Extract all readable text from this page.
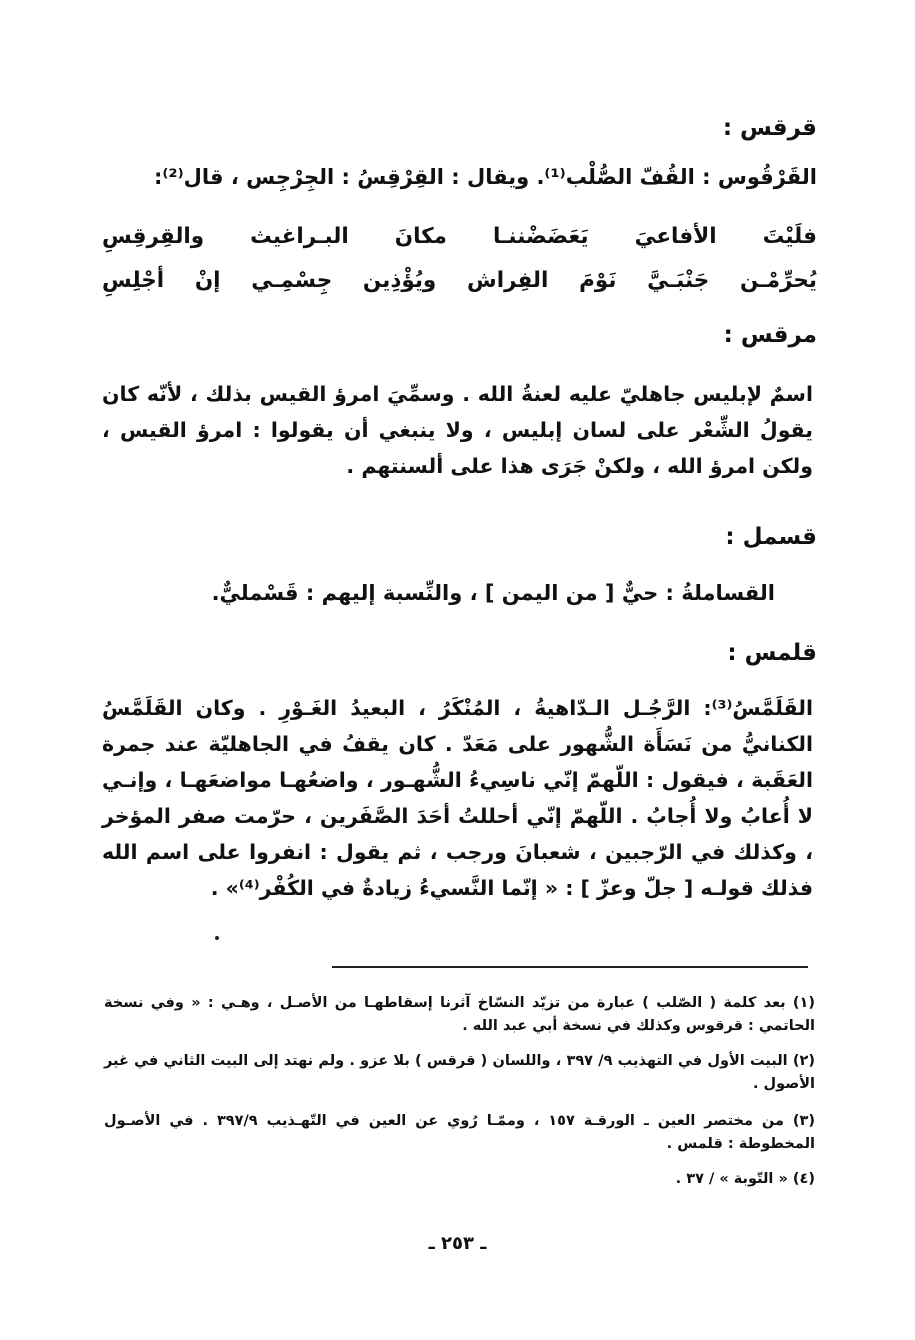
قرقس :
القَرْقُوس : القُفّ الصُّلْب⁽¹⁾. ويقال : القِرْقِسُ : الجِرْجِس ، قال⁽²⁾:
فلَيْتَ
الأفاعيَ
يَعَضَضْننـا
مكانَ
البـراغيث
والقِرقِسِ
يُحرِّمْـن
جَنْبَـيَّ
نَوْمَ
الفِراش
ويُؤْذِين
جِسْمِـي
إنْ
أجْلِسِ
مرقس :
اسمٌ لإبليس جاهليّ عليه لعنةُ الله . وسمِّيَ امرؤ القيس بذلك ، لأنّه كان يقولُ الشِّعْر على لسان إبليس ، ولا ينبغي أن يقولوا : امرؤ القيس ، ولكن امرؤ الله ، ولكنْ جَرَى هذا على ألسنتهم .
قسمل :
القساملةُ : حيٌّ [ من اليمن ] ، والنِّسبة إليهم : قَسْمليٌّ.
قلمس :
القَلَمَّسُ⁽³⁾: الرَّجُـل الـدّاهيةُ ، المُنْكَرُ ، البعيدُ الغَـوْرِ . وكان القَلَمَّسُ الكنانيُّ من نَسَأَة الشُّهور على مَعَدّ . كان يقفُ في الجاهليّة عند جمرة العَقَبة ، فيقول : اللّهمّ إنّي ناسِيءُ الشُّهـور ، واضعُهـا مواضعَهـا ، وإنـي لا أُعابُ ولا أُجابُ . اللّهمّ إنّي أحللتُ أحَدَ الصَّفَرين ، حرّمت صفر المؤخر ، وكذلك في الرّجبين ، شعبانَ ورجب ، ثم يقول : انفروا على اسم الله فذلك قولـه [ جلّ وعزّ ] : « إنّما النَّسيءُ زيادةٌ في الكُفْر⁽⁴⁾» .
(١) بعد كلمة ( الصّلب ) عبارة من تزيّد النسّاخ آثرنا إسقاطهـا من الأصـل ، وهـي : « وفي نسخة الحاتمي : قرقوس وكذلك في نسخة أبي عبد الله .
(٢) البيت الأول في التهذيب ٩/ ٣٩٧ ، واللسان ( قرقس ) بلا عزو . ولم نهتد إلى البيت الثاني في غير الأصول .
(٣) من مختصر العين ـ الورقـة ١٥٧ ، وممّـا رُوي عن العين في التّهـذيب ٣٩٧/٩ . في الأصـول المخطوطة : قلمس .
(٤) « التّوبة » / ٣٧ .
ـ ٢٥٣ ـ
